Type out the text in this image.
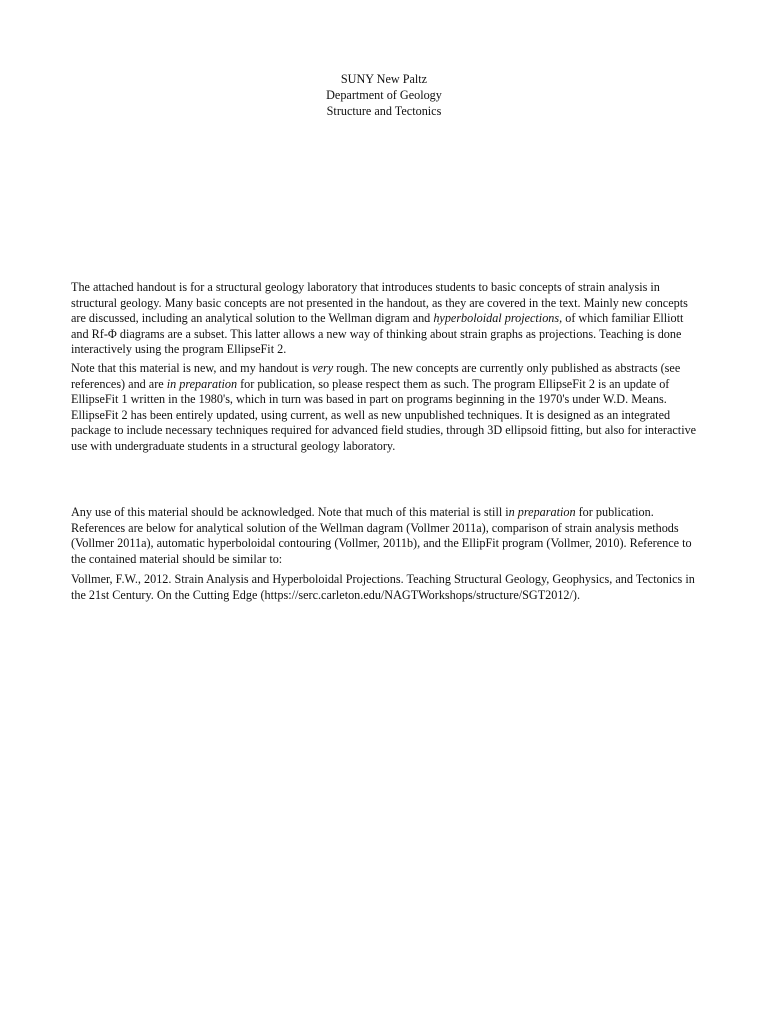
SUNY New Paltz
Department of Geology
Structure and Tectonics

The attached handout is for a structural geology laboratory that introduces students to basic concepts of strain analysis in structural geology. Many basic concepts are not presented in the handout, as they are covered in the text. Mainly new concepts are discussed, including an analytical solution to the Wellman digram and hyperboloidal projections, of which familiar Elliott and Rf-Φ diagrams are a subset. This latter allows a new way of thinking about strain graphs as projections. Teaching is done interactively using the program EllipseFit 2.

Note that this material is new, and my handout is very rough. The new concepts are currently only published as abstracts (see references) and are in preparation for publication, so please respect them as such. The program EllipseFit 2 is an update of EllipseFit 1 written in the 1980's, which in turn was based in part on programs beginning in the 1970's under W.D. Means. EllipseFit 2 has been entirely updated, using current, as well as new unpublished techniques. It is designed as an integrated package to include necessary techniques required for advanced field studies, through 3D ellipsoid fitting, but also for interactive use with undergraduate students in a structural geology laboratory.

Any use of this material should be acknowledged. Note that much of this material is still in preparation for publication. References are below for analytical solution of the Wellman dagram (Vollmer 2011a), comparison of strain analysis methods (Vollmer 2011a), automatic hyperboloidal contouring (Vollmer, 2011b), and the EllipFit program (Vollmer, 2010). Reference to the contained material should be similar to:

Vollmer, F.W., 2012. Strain Analysis and Hyperboloidal Projections. Teaching Structural Geology, Geophysics, and Tectonics in the 21st Century. On the Cutting Edge (https://serc.carleton.edu/NAGTWorkshops/structure/SGT2012/).
